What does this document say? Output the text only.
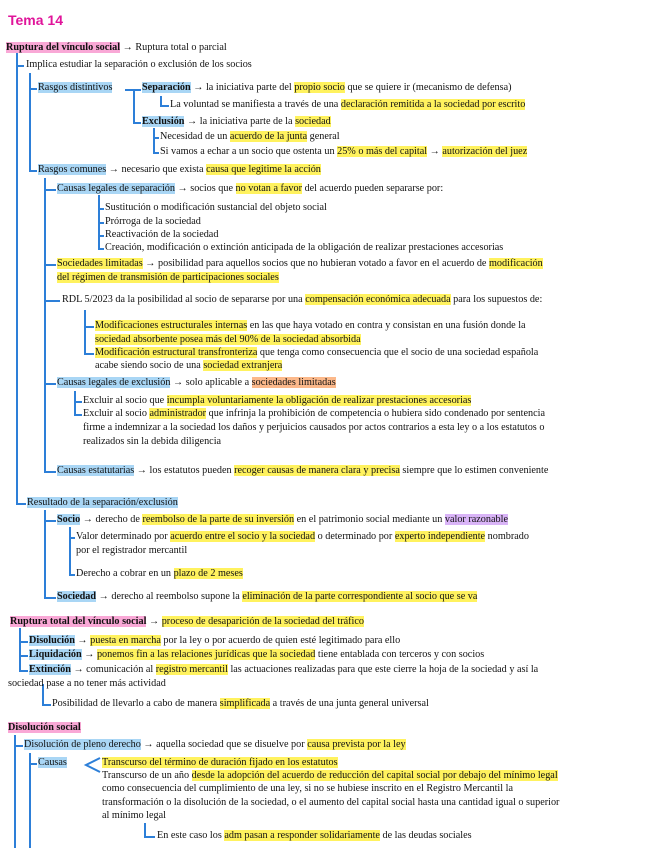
Tema 14
Ruptura del vínculo social → Ruptura total o parcial
Implica estudiar la separación o exclusión de los socios
Rasgos distintivos	Separación → la iniciativa parte del propio socio que se quiere ir (mecanismo de defensa)
La voluntad se manifiesta a través de una declaración remitida a la sociedad por escrito
Exclusión → la iniciativa parte de la sociedad
Necesidad de un acuerdo de la junta general
Si vamos a echar a un socio que ostenta un 25% o más del capital → autorización del juez
Rasgos comunes → necesario que exista causa que legitime la acción
Causas legales de separación → socios que no votan a favor del acuerdo pueden separarse por:
Sustitución o modificación sustancial del objeto social
Prórroga de la sociedad
Reactivación de la sociedad
Creación, modificación o extinción anticipada de la obligación de realizar prestaciones accesorias
Sociedades limitadas → posibilidad para aquellos socios que no hubieran votado a favor en el acuerdo de modificación
del régimen de transmisión de participaciones sociales
RDL 5/2023 da la posibilidad al socio de separarse por una compensación económica adecuada para los supuestos de:
Modificaciones estructurales internas en las que haya votado en contra y consistan en una fusión donde la
sociedad absorbente posea más del 90% de la sociedad absorbida
Modificación estructural transfronteriza que tenga como consecuencia que el socio de una sociedad española
acabe siendo socio de una sociedad extranjera
Causas legales de exclusión → solo aplicable a sociedades limitadas
Excluir al socio que incumpla voluntariamente la obligación de realizar prestaciones accesorias
Excluir al socio administrador que infrinja la prohibición de competencia o hubiera sido condenado por sentencia
firme a indemnizar a la sociedad los daños y perjuicios causados por actos contrarios a esta ley o a los estatutos o
realizados sin la debida diligencia
Causas estatutarias → los estatutos pueden recoger causas de manera clara y precisa siempre que lo estimen conveniente
Resultado de la separación/exclusión
Socio → derecho de reembolso de la parte de su inversión en el patrimonio social mediante un valor razonable
Valor determinado por acuerdo entre el socio y la sociedad o determinado por experto independiente nombrado
por el registrador mercantil
Derecho a cobrar en un plazo de 2 meses
Sociedad → derecho al reembolso supone la eliminación de la parte correspondiente al socio que se va
Ruptura total del vínculo social → proceso de desaparición de la sociedad del tráfico
Disolución → puesta en marcha por la ley o por acuerdo de quien esté legitimado para ello
Liquidación → ponemos fin a las relaciones jurídicas que la sociedad tiene entablada con terceros y con socios
Extinción → comunicación al registro mercantil las actuaciones realizadas para que este cierre la hoja de la sociedad y así la
sociedad pase a no tener más actividad
Posibilidad de llevarlo a cabo de manera simplificada a través de una junta general universal
Disolución social
Disolución de pleno derecho → aquella sociedad que se disuelve por causa prevista por la ley
Causas	Transcurso del término de duración fijado en los estatutos
Transcurso de un año desde la adopción del acuerdo de reducción del capital social por debajo del mínimo legal
como consecuencia del cumplimiento de una ley, si no se hubiese inscrito en el Registro Mercantil la
transformación o la disolución de la sociedad, o el aumento del capital social hasta una cantidad igual o superior
al mínimo legal
En este caso los adm pasan a responder solidariamente de las deudas sociales
